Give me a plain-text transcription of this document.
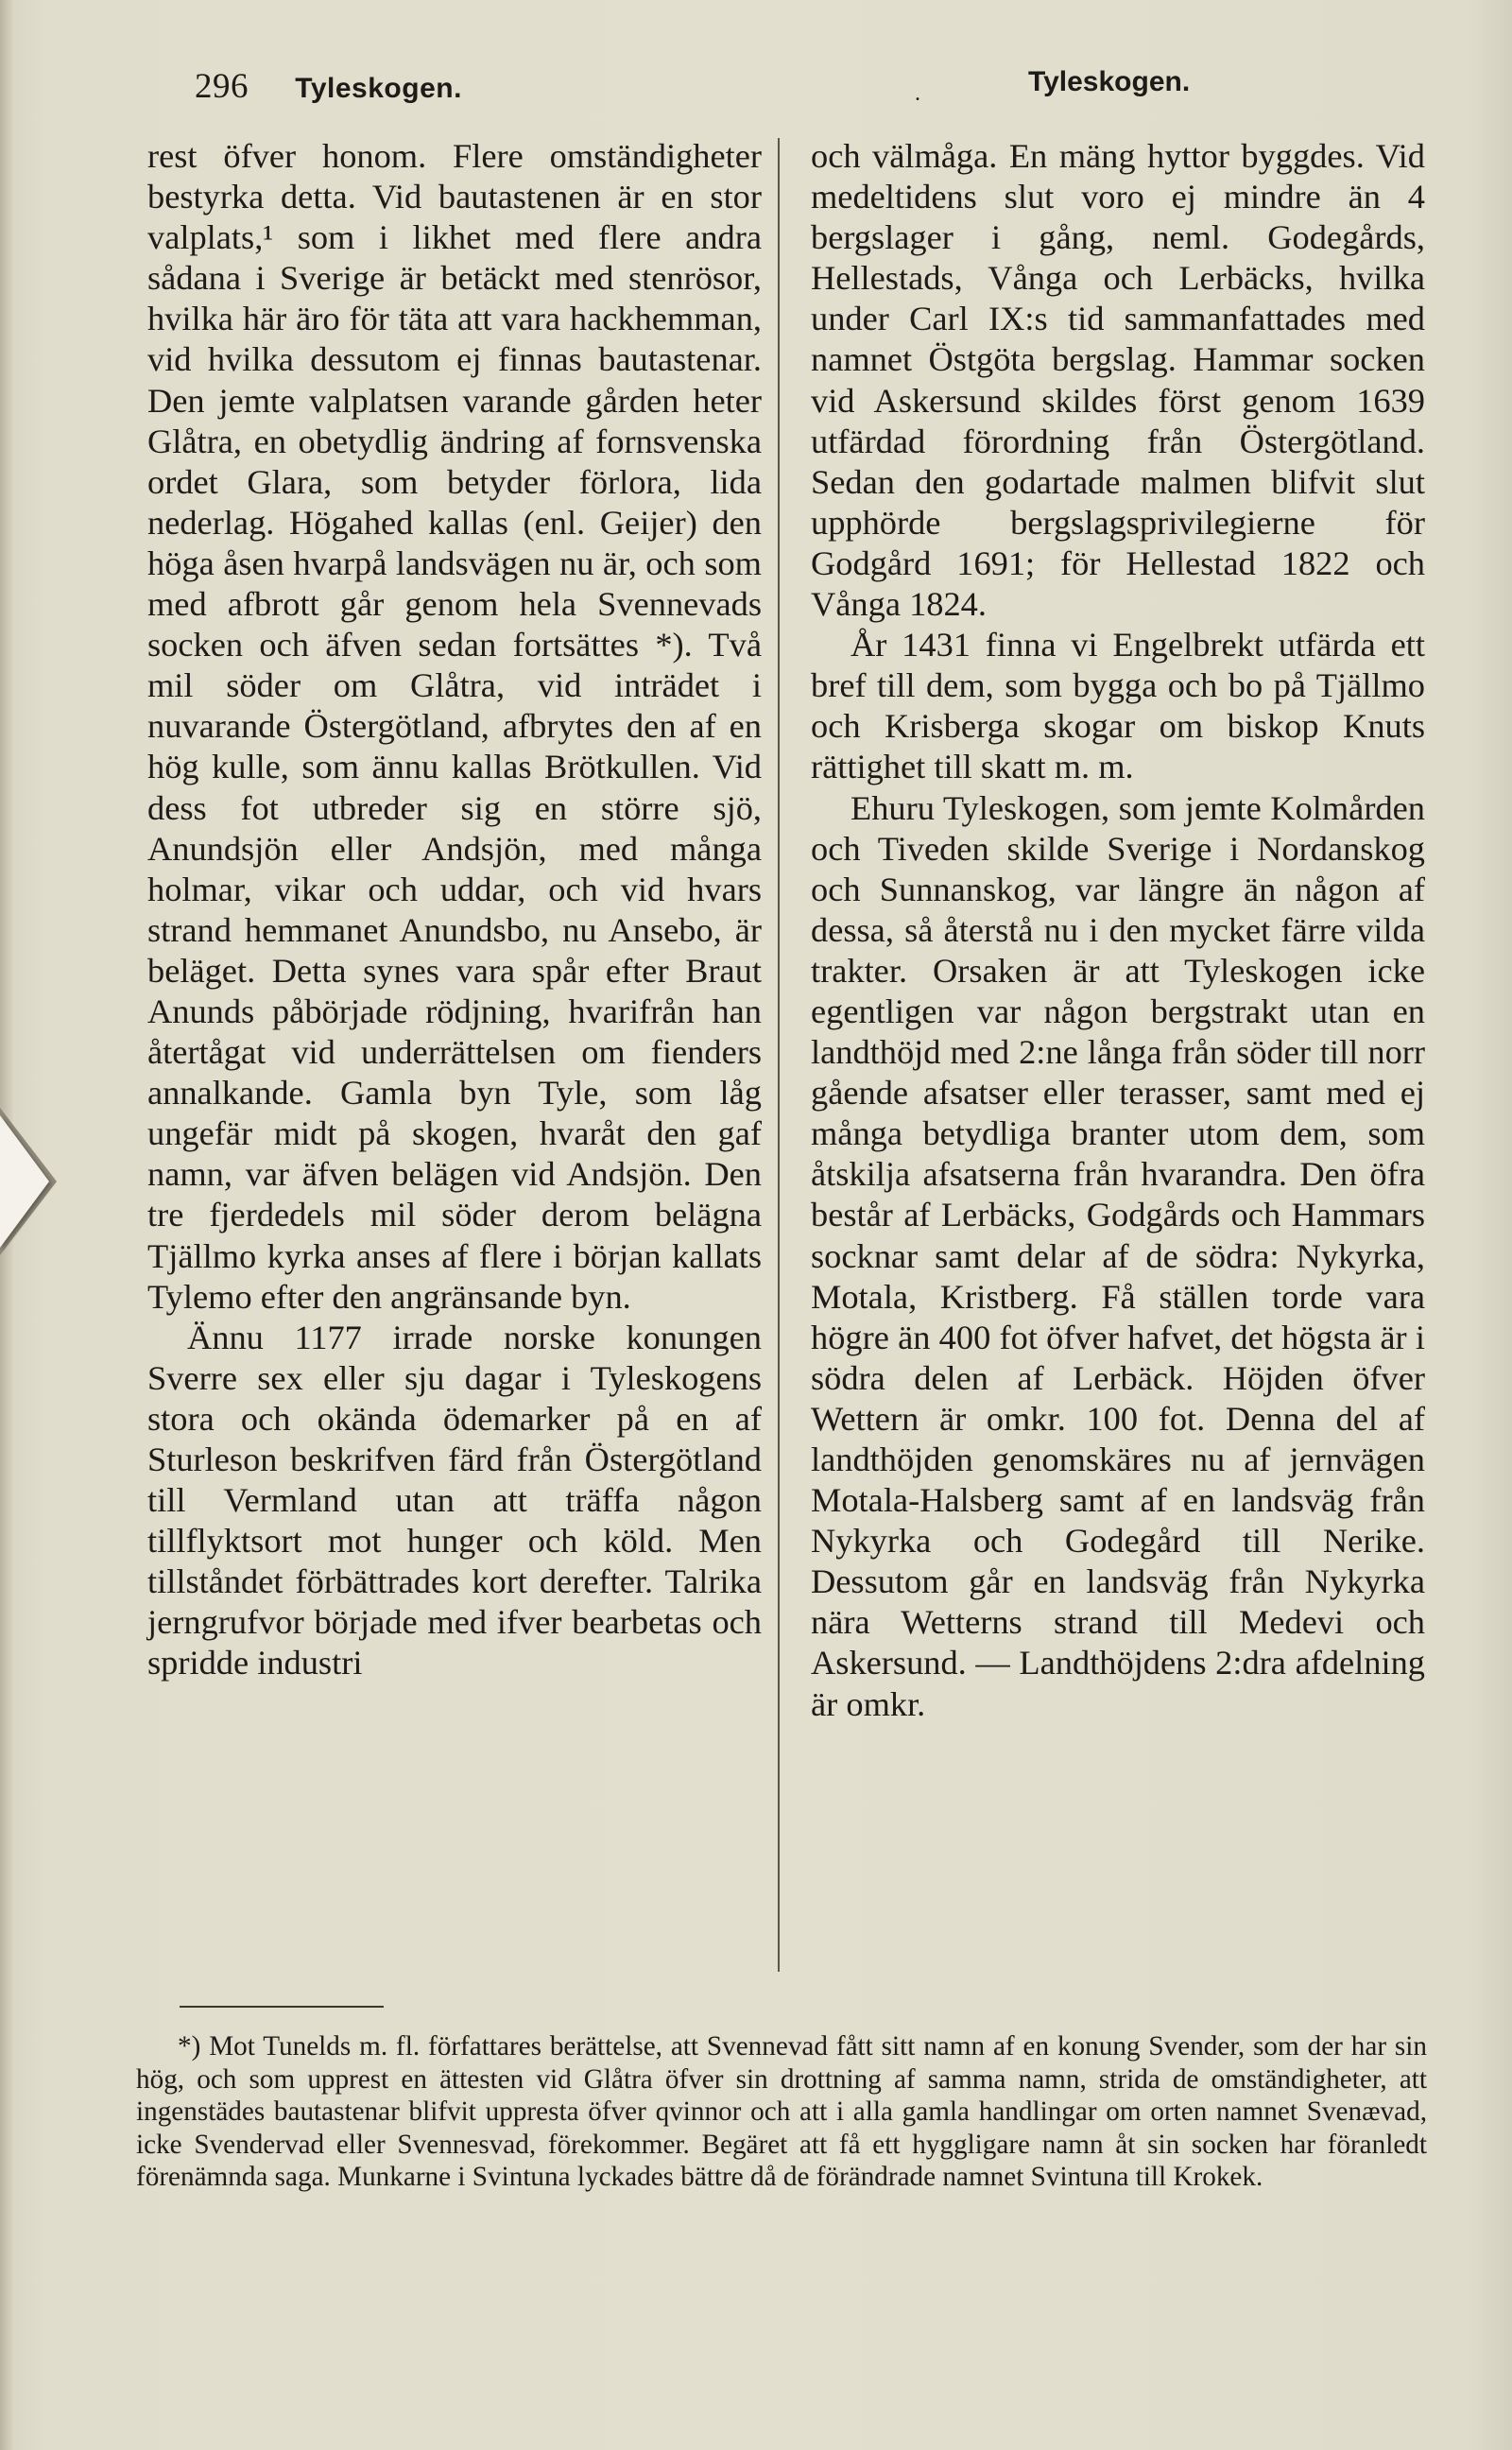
296 Tyleskogen.	.	Tyleskogen.

rest öfver honom. Flere omständigheter bestyrka detta. Vid bautastenen är en stor valplats,¹ som i likhet med flere andra sådana i Sverige är betäckt med stenrösor, hvilka här äro för täta att vara hackhemman, vid hvilka dessutom ej finnas bautastenar. Den jemte valplatsen varande gården heter Glåtra, en obetydlig ändring af fornsvenska ordet Glara, som betyder förlora, lida nederlag. Högahed kallas (enl. Geijer) den höga åsen hvarpå landsvägen nu är, och som med afbrott går genom hela Svennevads socken och äfven sedan fortsättes *). Två mil söder om Glåtra, vid inträdet i nuvarande Östergötland, afbrytes den af en hög kulle, som ännu kallas Brötkullen. Vid dess fot utbreder sig en större sjö, Anundsjön eller Andsjön, med många holmar, vikar och uddar, och vid hvars strand hemmanet Anundsbo, nu Ansebo, är beläget. Detta synes vara spår efter Braut Anunds påbörjade rödjning, hvarifrån han återtågat vid underrättelsen om fienders annalkande. Gamla byn Tyle, som låg ungefär midt på skogen, hvaråt den gaf namn, var äfven belägen vid Andsjön. Den tre fjerdedels mil söder derom belägna Tjällmo kyrka anses af flere i början kallats Tylemo efter den angränsande byn.

Ännu 1177 irrade norske konungen Sverre sex eller sju dagar i Tyleskogens stora och okända ödemarker på en af Sturleson beskrifven färd från Östergötland till Vermland utan att träffa någon tillflyktsort mot hunger och köld. Men tillståndet förbättrades kort derefter. Talrika jerngrufvor började med ifver bearbetas och spridde industri

och välmåga. En mäng hyttor byggdes. Vid medeltidens slut voro ej mindre än 4 bergslager i gång, neml. Godegårds, Hellestads, Vånga och Lerbäcks, hvilka under Carl IX:s tid sammanfattades med namnet Östgöta bergslag. Hammar socken vid Askersund skildes först genom 1639 utfärdad förordning från Östergötland. Sedan den godartade malmen blifvit slut upphörde bergslagsprivilegierne för Godgård 1691; för Hellestad 1822 och Vånga 1824.

År 1431 finna vi Engelbrekt utfärda ett bref till dem, som bygga och bo på Tjällmo och Krisberga skogar om biskop Knuts rättighet till skatt m. m.

Ehuru Tyleskogen, som jemte Kolmården och Tiveden skilde Sverige i Nordanskog och Sunnanskog, var längre än någon af dessa, så återstå nu i den mycket färre vilda trakter. Orsaken är att Tyleskogen icke egentligen var någon bergstrakt utan en landthöjd med 2:ne långa från söder till norr gående afsatser eller terasser, samt med ej många betydliga branter utom dem, som åtskilja afsatserna från hvarandra. Den öfra består af Lerbäcks, Godgårds och Hammars socknar samt delar af de södra: Nykyrka, Motala, Kristberg. Få ställen torde vara högre än 400 fot öfver hafvet, det högsta är i södra delen af Lerbäck. Höjden öfver Wettern är omkr. 100 fot. Denna del af landthöjden genomskäres nu af jernvägen Motala-Halsberg samt af en landsväg från Nykyrka och Godegård till Nerike. Dessutom går en landsväg från Nykyrka nära Wetterns strand till Medevi och Askersund. — Landthöjdens 2:dra afdelning är omkr.

*) Mot Tunelds m. fl. författares berättelse, att Svennevad fått sitt namn af en konung Svender, som der har sin hög, och som upprest en ättesten vid Glåtra öfver sin drottning af samma namn, strida de omständigheter, att ingenstädes bautastenar blifvit uppresta öfver qvinnor och att i alla gamla handlingar om orten namnet Svenævad, icke Svendervad eller Svennesvad, förekommer. Begäret att få ett hyggligare namn åt sin socken har föranledt förenämnda saga. Munkarne i Svintuna lyckades bättre då de förändrade namnet Svintuna till Krokek.
